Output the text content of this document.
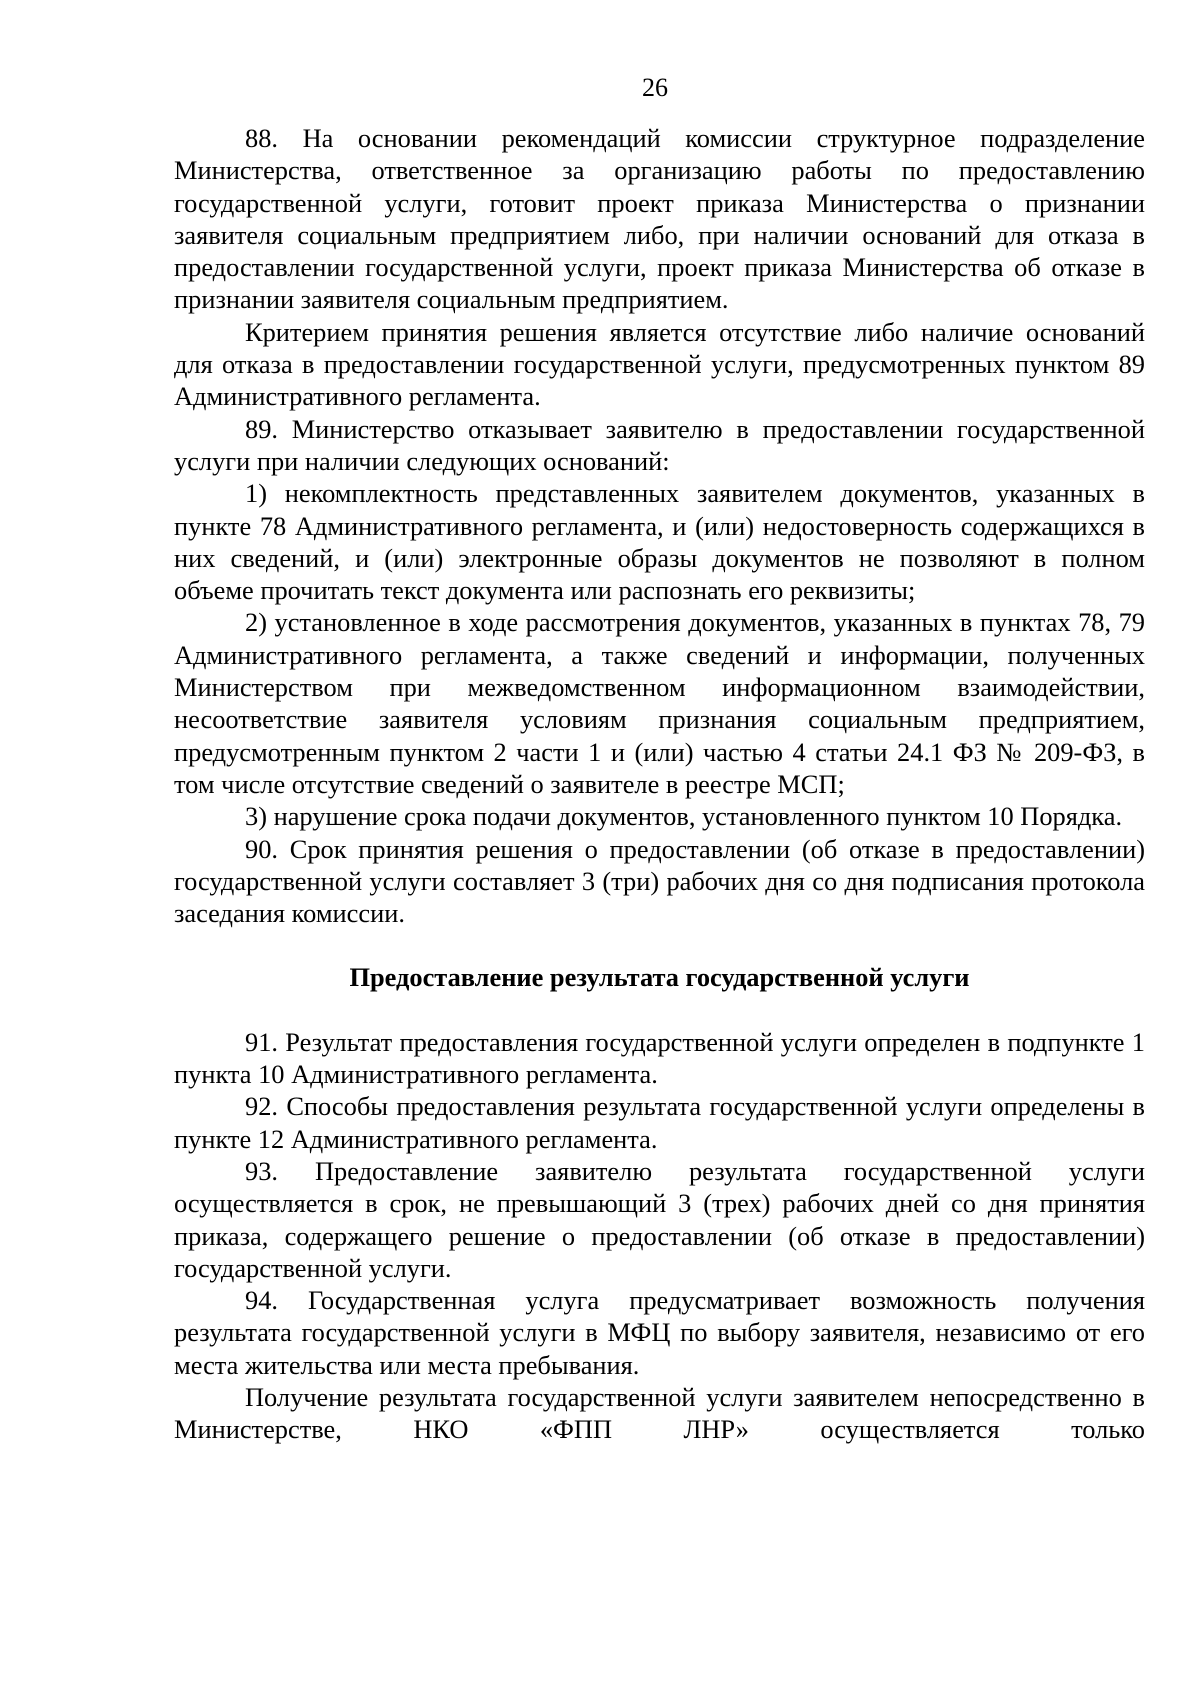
26

88. На основании рекомендаций комиссии структурное подразделение Министерства, ответственное за организацию работы по предоставлению государственной услуги, готовит проект приказа Министерства о признании заявителя социальным предприятием либо, при наличии оснований для отказа в предоставлении государственной услуги, проект приказа Министерства об отказе в признании заявителя социальным предприятием.

Критерием принятия решения является отсутствие либо наличие оснований для отказа в предоставлении государственной услуги, предусмотренных пунктом 89 Административного регламента.

89. Министерство отказывает заявителю в предоставлении государственной услуги при наличии следующих оснований:

1) некомплектность представленных заявителем документов, указанных в пункте 78 Административного регламента, и (или) недостоверность содержащихся в них сведений, и (или) электронные образы документов не позволяют в полном объеме прочитать текст документа или распознать его реквизиты;

2) установленное в ходе рассмотрения документов, указанных в пунктах 78, 79 Административного регламента, а также сведений и информации, полученных Министерством при межведомственном информационном взаимодействии, несоответствие заявителя условиям признания социальным предприятием, предусмотренным пунктом 2 части 1 и (или) частью 4 статьи 24.1 ФЗ № 209-ФЗ, в том числе отсутствие сведений о заявителе в реестре МСП;

3) нарушение срока подачи документов, установленного пунктом 10 Порядка.

90. Срок принятия решения о предоставлении (об отказе в предоставлении) государственной услуги составляет 3 (три) рабочих дня со дня подписания протокола заседания комиссии.

Предоставление результата государственной услуги

91. Результат предоставления государственной услуги определен в подпункте 1 пункта 10 Административного регламента.

92. Способы предоставления результата государственной услуги определены в пункте 12 Административного регламента.

93. Предоставление заявителю результата государственной услуги осуществляется в срок, не превышающий 3 (трех) рабочих дней со дня принятия приказа, содержащего решение о предоставлении (об отказе в предоставлении) государственной услуги.

94. Государственная услуга предусматривает возможность получения результата государственной услуги в МФЦ по выбору заявителя, независимо от его места жительства или места пребывания.

Получение результата государственной услуги заявителем непосредственно в Министерстве, НКО «ФПП ЛНР» осуществляется только
